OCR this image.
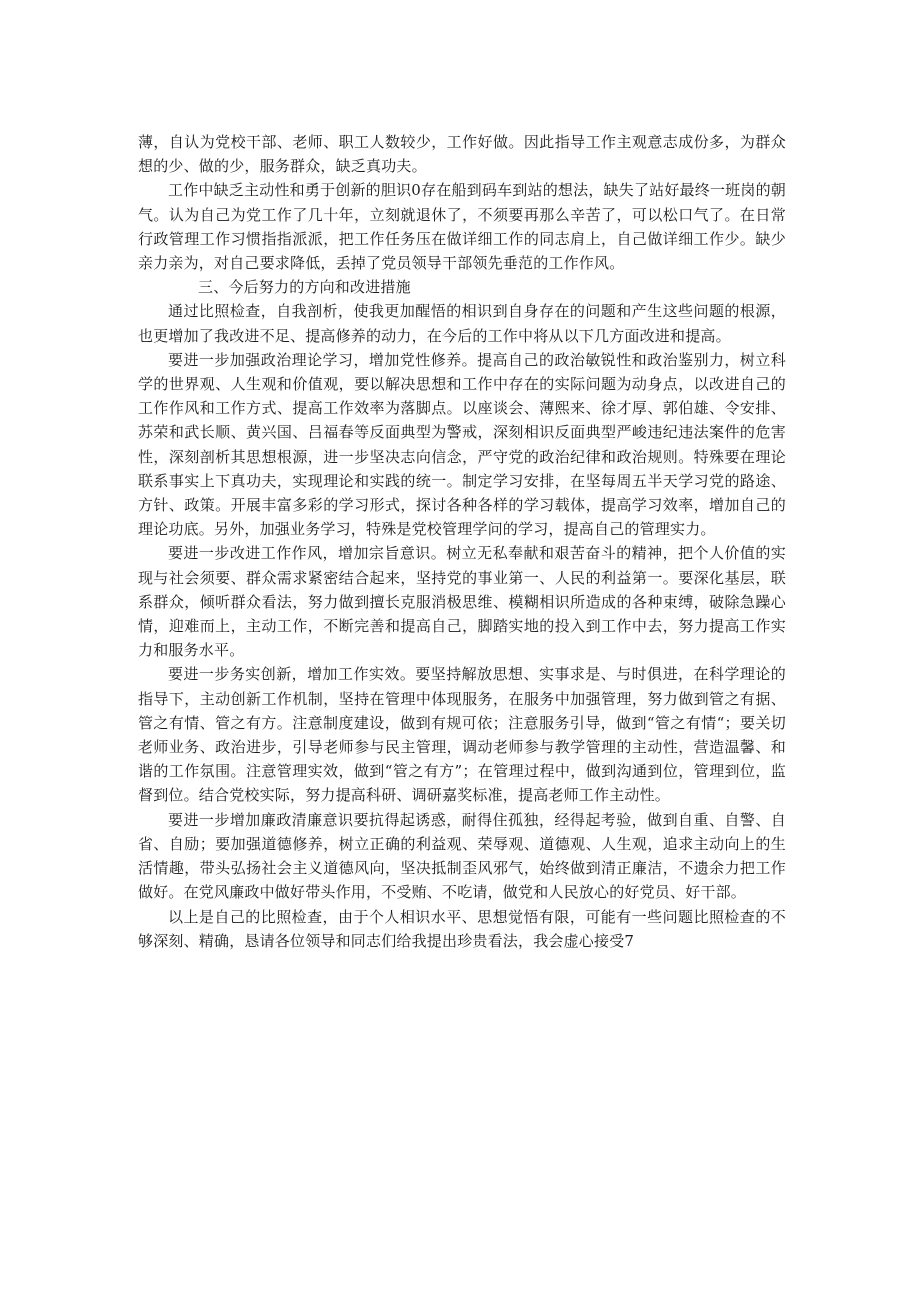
薄，自认为党校干部、老师、职工人数较少，工作好做。因此指导工作主观意志成份多，为群众想的少、做的少，服务群众，缺乏真功夫。

工作中缺乏主动性和勇于创新的胆识0存在船到码车到站的想法，缺失了站好最终一班岗的朝气。认为自己为党工作了几十年，立刻就退休了，不须要再那么辛苦了，可以松口气了。在日常行政管理工作习惯指指派派，把工作任务压在做详细工作的同志肩上，自己做详细工作少。缺少亲力亲为，对自己要求降低，丢掉了党员领导干部领先垂范的工作作风。

三、今后努力的方向和改进措施

通过比照检查，自我剖析，使我更加醒悟的相识到自身存在的问题和产生这些问题的根源，也更增加了我改进不足、提高修养的动力，在今后的工作中将从以下几方面改进和提高。

要进一步加强政治理论学习，增加党性修养。提高自己的政治敏锐性和政治鉴别力，树立科学的世界观、人生观和价值观，要以解决思想和工作中存在的实际问题为动身点，以改进自己的工作作风和工作方式、提高工作效率为落脚点。以座谈会、薄熙来、徐才厚、郭伯雄、令安排、苏荣和武长顺、黄兴国、吕福春等反面典型为警戒，深刻相识反面典型严峻违纪违法案件的危害性，深刻剖析其思想根源，进一步坚决志向信念，严守党的政治纪律和政治规则。特殊要在理论联系事实上下真功夫，实现理论和实践的统一。制定学习安排，在坚每周五半天学习党的路途、方针、政策。开展丰富多彩的学习形式，探讨各种各样的学习载体，提高学习效率，增加自己的理论功底。另外，加强业务学习，特殊是党校管理学问的学习，提高自己的管理实力。

要进一步改进工作作风，增加宗旨意识。树立无私奉献和艰苦奋斗的精神，把个人价值的实现与社会须要、群众需求紧密结合起来，坚持党的事业第一、人民的利益第一。要深化基层，联系群众，倾听群众看法，努力做到擅长克服消极思维、模糊相识所造成的各种束缚，破除急躁心情，迎难而上，主动工作，不断完善和提高自己，脚踏实地的投入到工作中去，努力提高工作实力和服务水平。

要进一步务实创新，增加工作实效。要坚持解放思想、实事求是、与时俱进，在科学理论的指导下，主动创新工作机制，坚持在管理中体现服务，在服务中加强管理，努力做到管之有据、管之有情、管之有方。注意制度建设，做到有规可依；注意服务引导，做到“管之有情“；要关切老师业务、政治进步，引导老师参与民主管理，调动老师参与教学管理的主动性，营造温馨、和谐的工作氛围。注意管理实效，做到“管之有方”；在管理过程中，做到沟通到位，管理到位，监督到位。结合党校实际，努力提高科研、调研嘉奖标准，提高老师工作主动性。

要进一步增加廉政清廉意识要抗得起诱惑，耐得住孤独，经得起考验，做到自重、自警、自省、自励；要加强道德修养，树立正确的利益观、荣辱观、道德观、人生观，追求主动向上的生活情趣，带头弘扬社会主义道德风向，坚决抵制歪风邪气，始终做到清正廉洁，不遗余力把工作做好。在党风廉政中做好带头作用，不受贿、不吃请，做党和人民放心的好党员、好干部。

以上是自己的比照检查，由于个人相识水平、思想觉悟有限，可能有一些问题比照检查的不够深刻、精确，恳请各位领导和同志们给我提出珍贵看法，我会虚心接受7
